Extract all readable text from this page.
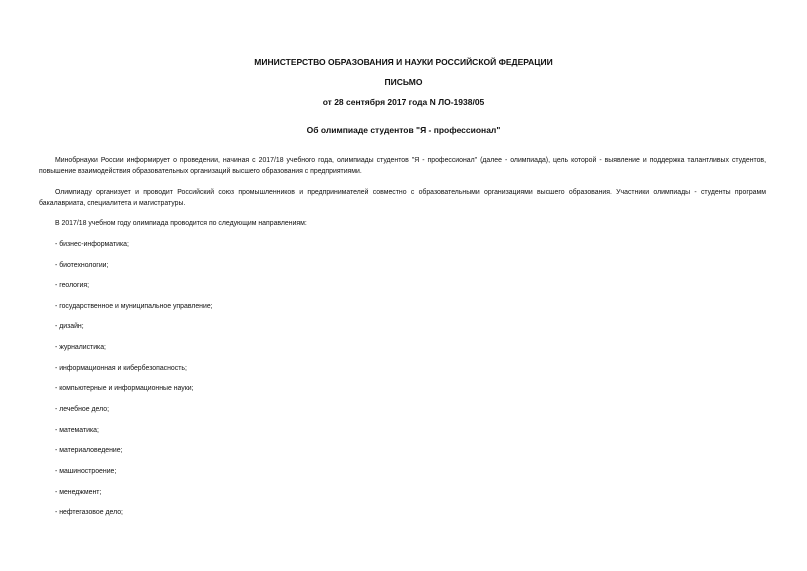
МИНИСТЕРСТВО ОБРАЗОВАНИЯ И НАУКИ РОССИЙСКОЙ ФЕДЕРАЦИИ
ПИСЬМО
от 28 сентября 2017 года N ЛО-1938/05
Об олимпиаде студентов "Я - профессионал"
Минобрнауки России информирует о проведении, начиная с 2017/18 учебного года, олимпиады студентов "Я - профессионал" (далее - олимпиада), цель которой - выявление и поддержка талантливых студентов, повышение взаимодействия образовательных организаций высшего образования с предприятиями.
Олимпиаду организует и проводит Российский союз промышленников и предпринимателей совместно с образовательными организациями высшего образования. Участники олимпиады - студенты программ бакалавриата, специалитета и магистратуры.
В 2017/18 учебном году олимпиада проводится по следующим направлениям:
- бизнес-информатика;
- биотехнологии;
- геология;
- государственное и муниципальное управление;
- дизайн;
- журналистика;
- информационная и кибербезопасность;
- компьютерные и информационные науки;
- лечебное дело;
- математика;
- материаловедение;
- машиностроение;
- менеджмент;
- нефтегазовое дело;
